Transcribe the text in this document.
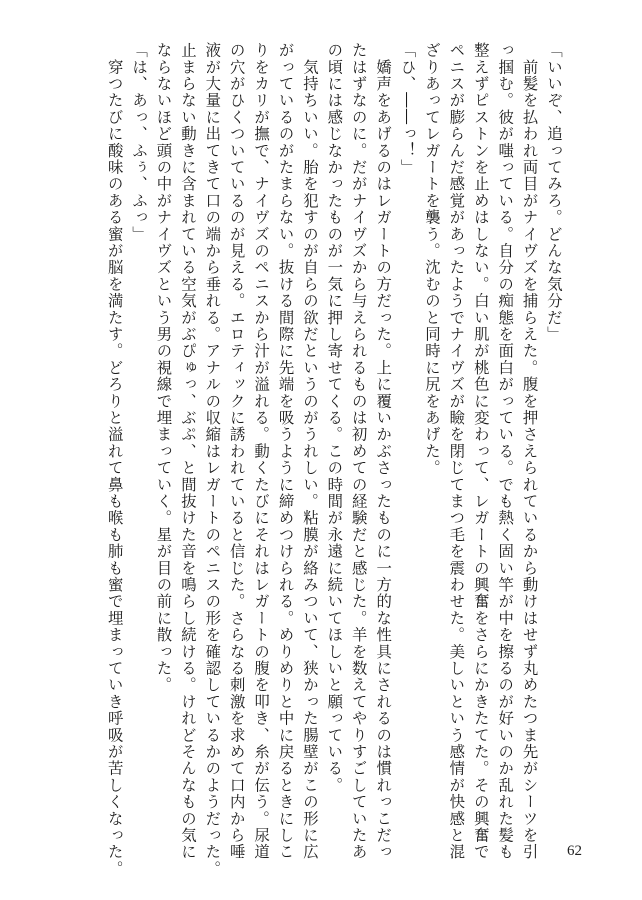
「いいぞ、追ってみろ。どんな気分だ」
　前髪を払われ両目がナイヴズを捕らえた。腹を押さえられているから動けはせず丸めたつま先がシーツを引
っ掴む。彼が嗤っている。自分の痴態を面白がっている。でも熱く固い竿が中を擦るのが好いのか乱れた髪も
整えずピストンを止めはしない。白い肌が桃色に変わって、レガートの興奮をさらにかきたてた。その興奮で
ペニスが膨らんだ感覚があったようでナイヴズが瞼を閉じてまつ毛を震わせた。美しいという感情が快感と混
ざりあってレガートを襲う。沈むのと同時に尻をあげた。
「ひ、――っ！」
　嬌声をあげるのはレガートの方だった。上に覆いかぶさったものに一方的な性具にされるのは慣れっこだっ
たはずなのに。だがナイヴズから与えられるものは初めての経験だと感じた。羊を数えてやりすごしていたあ
の頃には感じなかったものが一気に押し寄せてくる。この時間が永遠に続いてほしいと願っている。
　気持ちいい。胎を犯すのが自らの欲だというのがうれしい。粘膜が絡みついて、狭かった腸壁がこの形に広
がっているのがたまらない。抜ける間際に先端を吸うように締めつけられる。めりめりと中に戻るときにしこ
りをカリが撫で、ナイヴズのペニスから汁が溢れる。動くたびにそれはレガートの腹を叩き、糸が伝う。尿道
の穴がひくついているのが見える。エロティックに誘われていると信じた。さらなる刺激を求めて口内から唾
液が大量に出てきて口の端から垂れる。アナルの収縮はレガートのペニスの形を確認しているかのようだった。
止まらない動きに含まれている空気がぶぴゅっ、ぶぷ、と間抜けた音を鳴らし続ける。けれどそんなもの気に
ならないほど頭の中がナイヴズという男の視線で埋まっていく。星が目の前に散った。
「は、あっ、ふぅ、ふっ」
　穿つたびに酸味のある蜜が脳を満たす。どろりと溢れて鼻も喉も肺も蜜で埋まっていき呼吸が苦しくなった。	62
